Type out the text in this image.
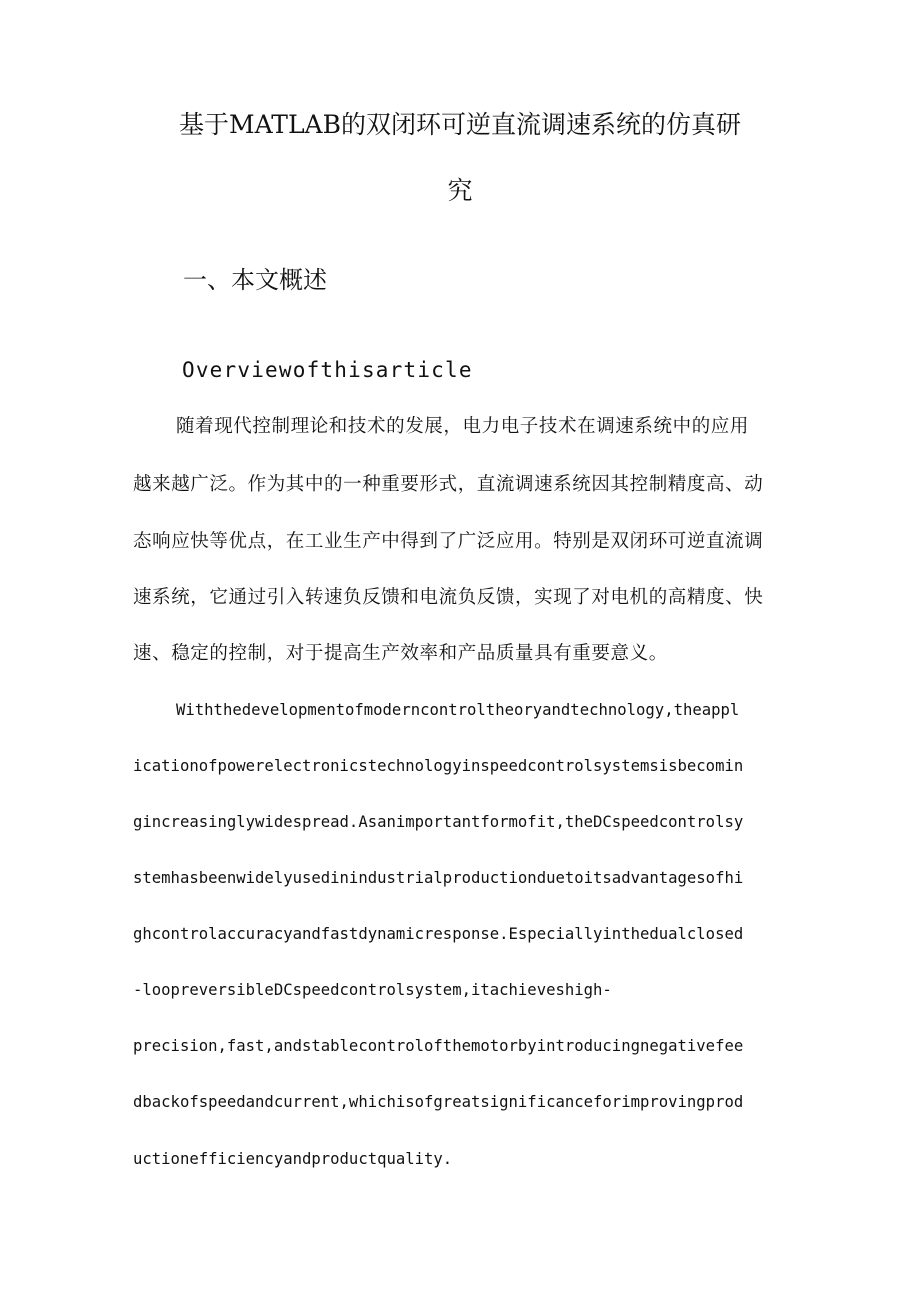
基于MATLAB的双闭环可逆直流调速系统的仿真研
究
一、本文概述
Overviewofthisarticle
随着现代控制理论和技术的发展，电力电子技术在调速系统中的应用
越来越广泛。作为其中的一种重要形式，直流调速系统因其控制精度高、动
态响应快等优点，在工业生产中得到了广泛应用。特别是双闭环可逆直流调
速系统，它通过引入转速负反馈和电流负反馈，实现了对电机的高精度、快
速、稳定的控制，对于提高生产效率和产品质量具有重要意义。
Withthedevelopmentofmoderncontroltheoryandtechnology,theappl
icationofpowerelectronicstechnologyinspeedcontrolsystemsisbecomin
gincreasinglywidespread.Asanimportantformofit,theDCspeedcontrolsy
stemhasbeenwidelyusedinindustrialproductionduetoitsadvantagesofhi
ghcontrolaccuracyandfastdynamicresponse.Especiallyinthedualclosed
-loopreversibleDCspeedcontrolsystem,itachieveshigh-
precision,fast,andstablecontrolofthemotorbyintroducingnegativefee
dbackofspeedandcurrent,whichisofgreatsignificanceforimprovingprod
uctionefficiencyandproductquality.
